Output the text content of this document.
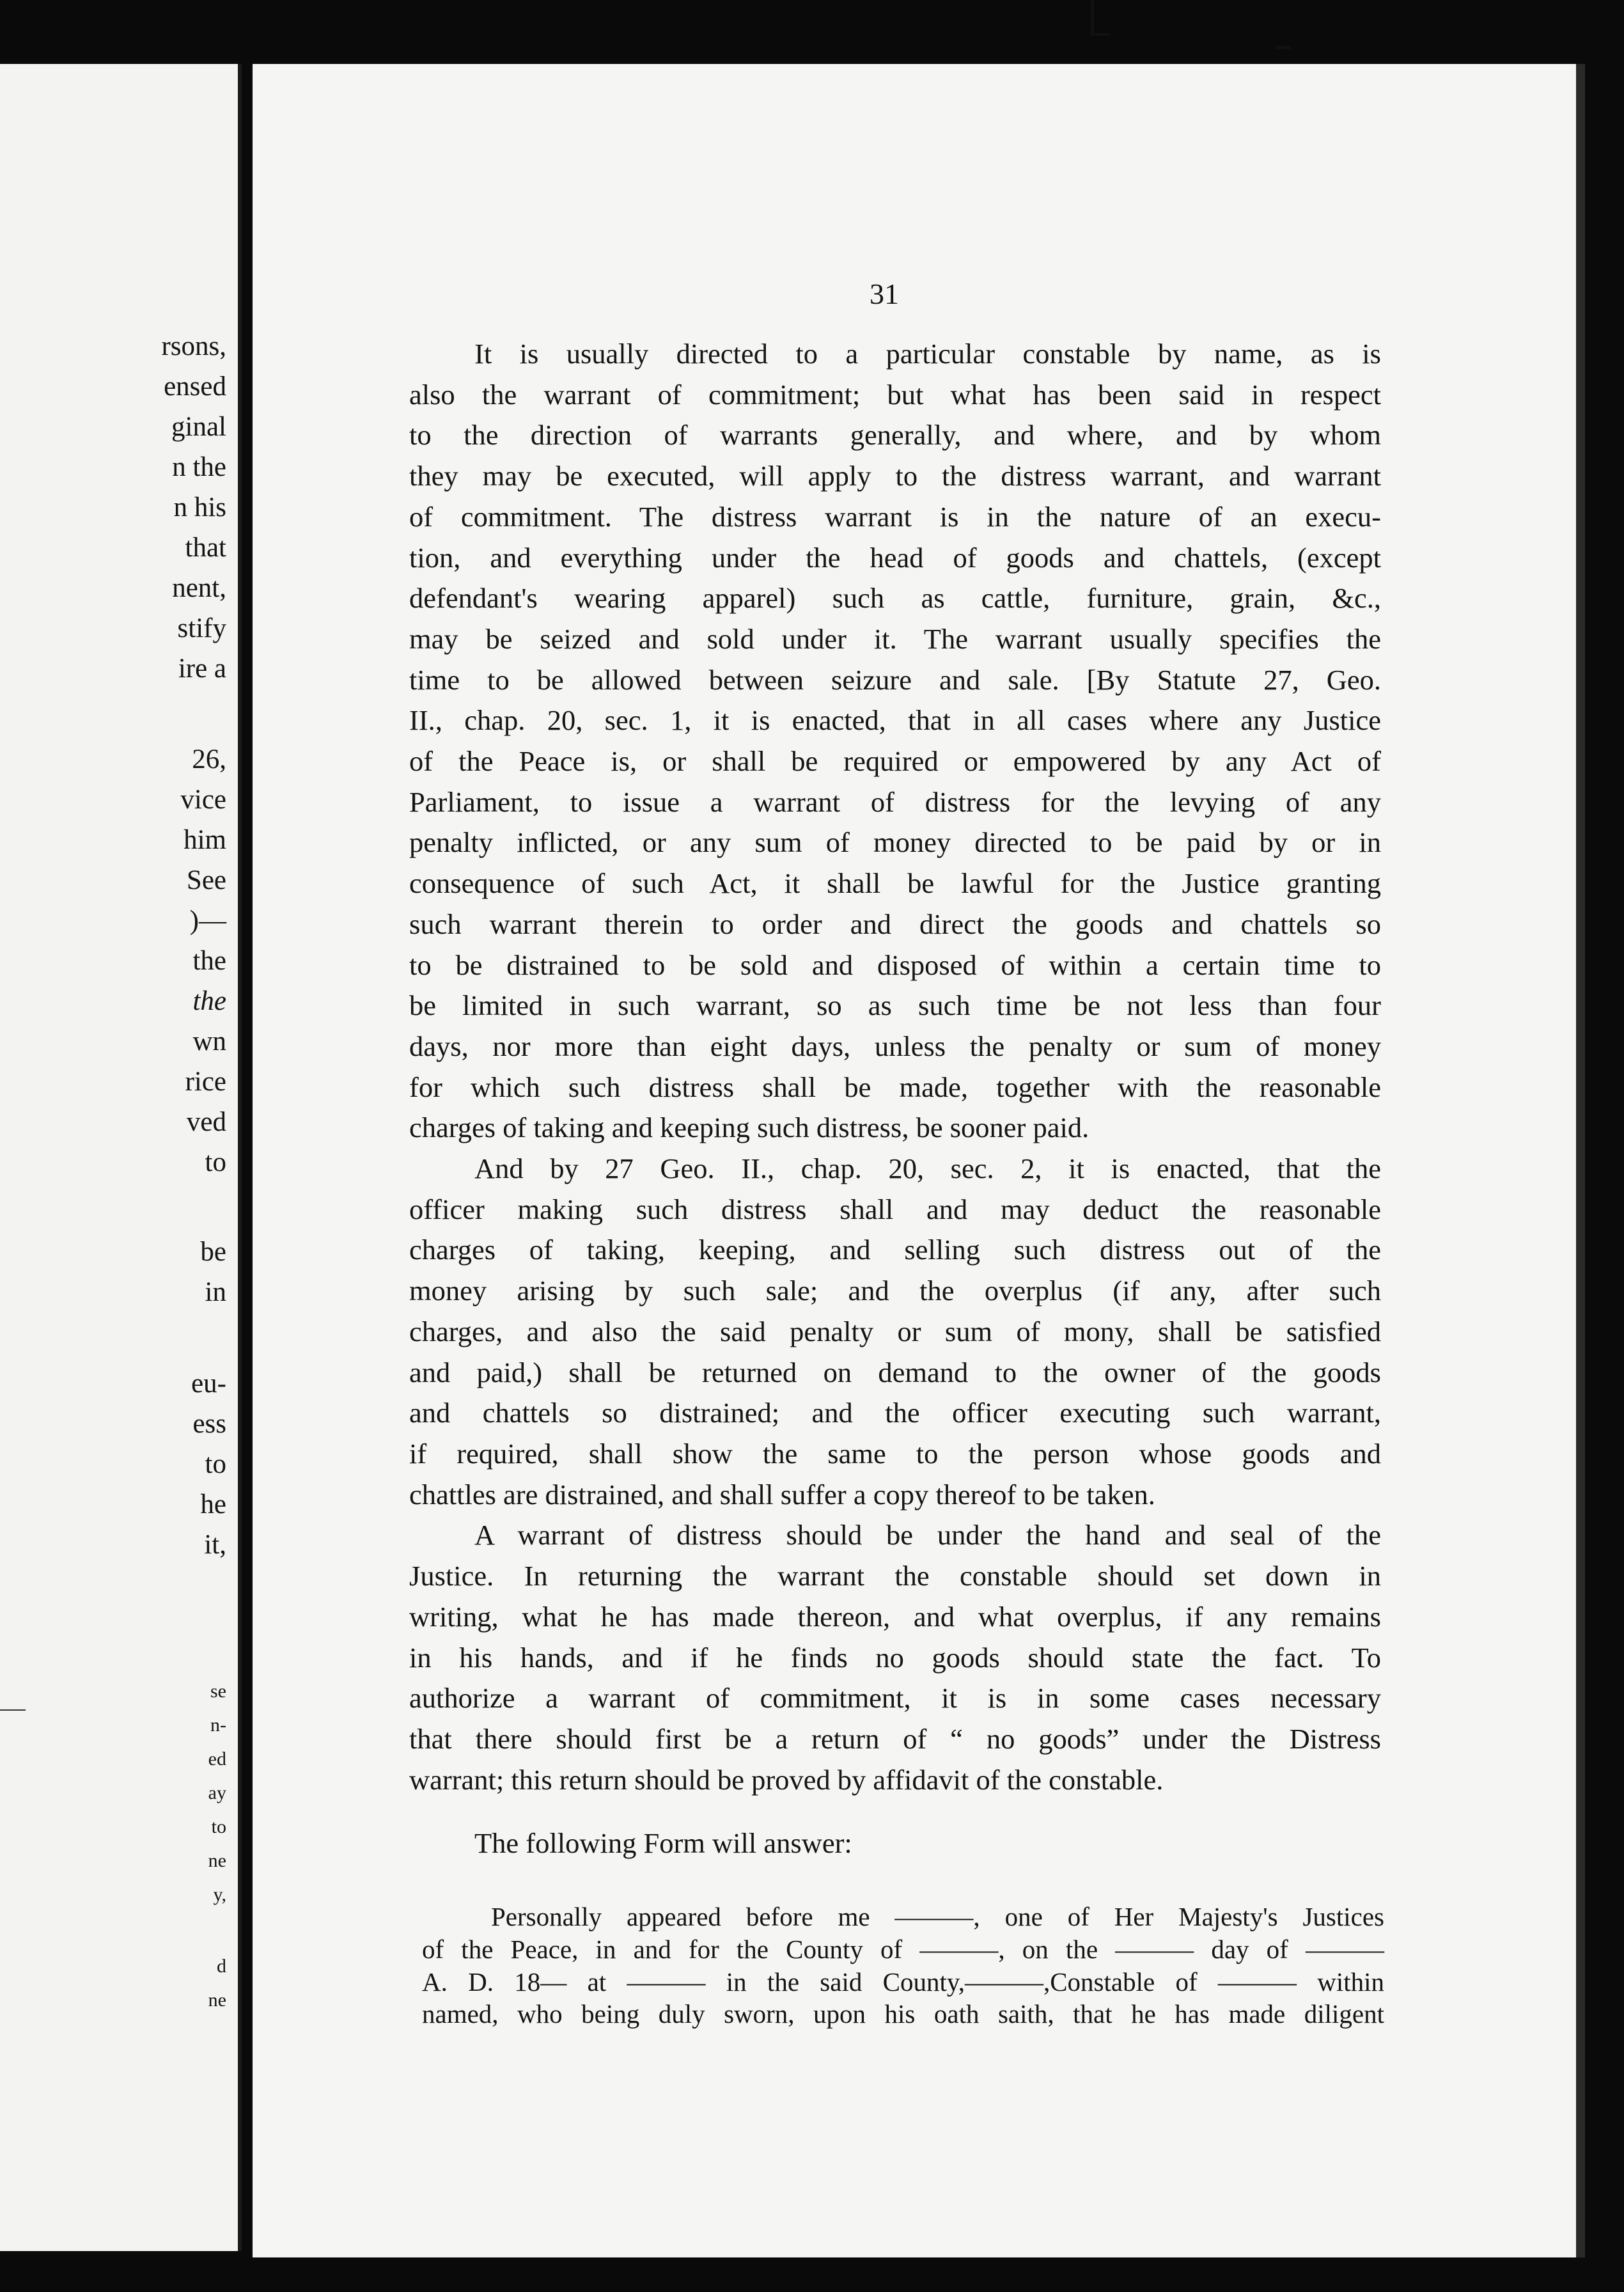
rsons,
ensed
ginal
n the
n his
that
nent,
stify
ire a
26,
vice
him
See
)—
the
the
wn
rice
ved
to
be
in
eu-
ess
to
he
it,
se
n-
ed
ay
to
ne
y,
d
ne
31

It is usually directed to a particular constable by name, as is

also the warrant of commitment; but what has been said in respect

to the direction of warrants generally, and where, and by whom

they may be executed, will apply to the distress warrant, and warrant

of commitment. The distress warrant is in the nature of an execu-

tion, and everything under the head of goods and chattels, (except

defendant's wearing apparel) such as cattle, furniture, grain, &c.,

may be seized and sold under it. The warrant usually specifies the

time to be allowed between seizure and sale. [By Statute 27, Geo.

II., chap. 20, sec. 1, it is enacted, that in all cases where any Justice

of the Peace is, or shall be required or empowered by any Act of

Parliament, to issue a warrant of distress for the levying of any

penalty inflicted, or any sum of money directed to be paid by or in

consequence of such Act, it shall be lawful for the Justice granting

such warrant therein to order and direct the goods and chattels so

to be distrained to be sold and disposed of within a certain time to

be limited in such warrant, so as such time be not less than four

days, nor more than eight days, unless the penalty or sum of money

for which such distress shall be made, together with the reasonable

charges of taking and keeping such distress, be sooner paid.

And by 27 Geo. II., chap. 20, sec. 2, it is enacted, that the

officer making such distress shall and may deduct the reasonable

charges of taking, keeping, and selling such distress out of the

money arising by such sale; and the overplus (if any, after such

charges, and also the said penalty or sum of mony, shall be satisfied

and paid,) shall be returned on demand to the owner of the goods

and chattels so distrained; and the officer executing such warrant,

if required, shall show the same to the person whose goods and

chattles are distrained, and shall suffer a copy thereof to be taken.

A warrant of distress should be under the hand and seal of the

Justice. In returning the warrant the constable should set down in

writing, what he has made thereon, and what overplus, if any remains

in his hands, and if he finds no goods should state the fact. To

authorize a warrant of commitment, it is in some cases necessary

that there should first be a return of “ no goods” under the Distress

warrant; this return should be proved by affidavit of the constable.

The following Form will answer:

Personally appeared before me ———, one of Her Majesty's Justices

of the Peace, in and for the County of ———, on the ——— day of ———

A. D. 18— at ——— in the said County,———,Constable of ——— within

named, who being duly sworn, upon his oath saith, that he has made diligent
